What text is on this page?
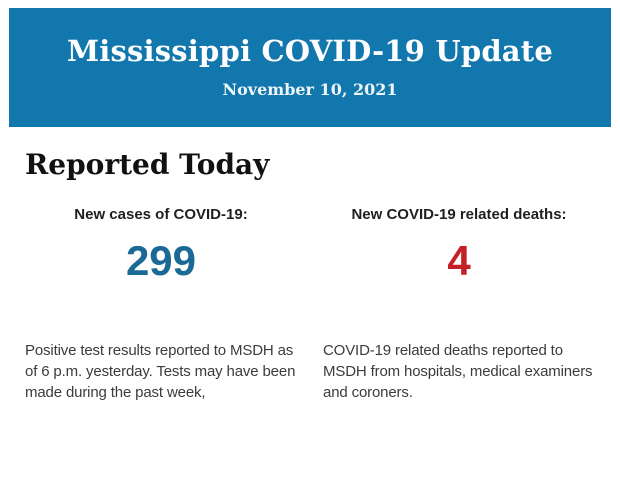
Mississippi COVID-19 Update
November 10, 2021
Reported Today
New cases of COVID-19:
299
Positive test results reported to MSDH as of 6 p.m. yesterday. Tests may have been made during the past week,
New COVID-19 related deaths:
4
COVID-19 related deaths reported to MSDH from hospitals, medical examiners and coroners.
